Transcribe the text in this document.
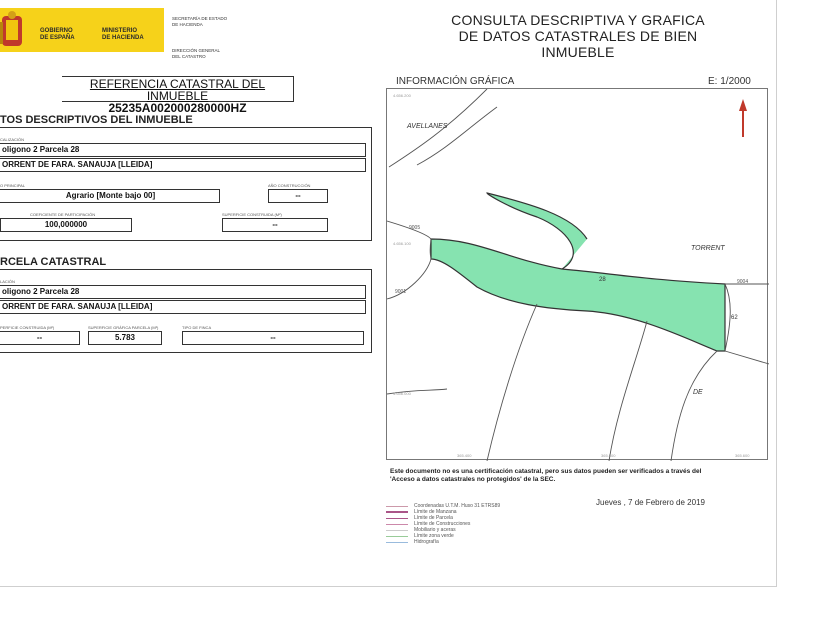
GOBIERNO
DE ESPAÑA
MINISTERIO
DE HACIENDA
SECRETARÍA DE ESTADO
DE HACIENDA
DIRECCIÓN GENERAL
DEL CATASTRO
CONSULTA DESCRIPTIVA Y GRAFICA
DE DATOS CATASTRALES DE BIEN INMUEBLE
REFERENCIA CATASTRAL DEL INMUEBLE
25235A002000280000HZ
TOS DESCRIPTIVOS DEL INMUEBLE
CALIZACIÓN
oligono 2 Parcela 28
ORRENT DE FARA. SANAUJA [LLEIDA]
O PRINCIPAL
Agrario [Monte bajo 00]
AÑO CONSTRUCCIÓN
--
COEFICIENTE DE PARTICIPACIÓN
100,000000
SUPERFICIE CONSTRUIDA (M²)
--
RCELA CATASTRAL
LACIÓN
oligono 2 Parcela 28
ORRENT DE FARA. SANAUJA [LLEIDA]
PERFICIE CONSTRUIDA (M²)
--
SUPERFICIE GRÁFICA PARCELA (M²)
5.783
TIPO DE FINCA
--
INFORMACIÓN GRÁFICA	E: 1/2000
4.656.200
4.656.100
4.656.000
365.400	365.500	365.600
AVELLANES
TORRENT
DE
28
62
9005
9001
9004
Este documento no es una certificación catastral, pero sus datos pueden ser verificados a través del
'Acceso a datos catastrales no protegidos' de la SEC.
Jueves , 7 de Febrero de 2019
Coordenadas U.T.M. Huso 31 ETRS89
Límite de Manzana
Límite de Parcela
Límite de Construcciones
Mobiliario y aceras
Límite zona verde
Hidrografía
